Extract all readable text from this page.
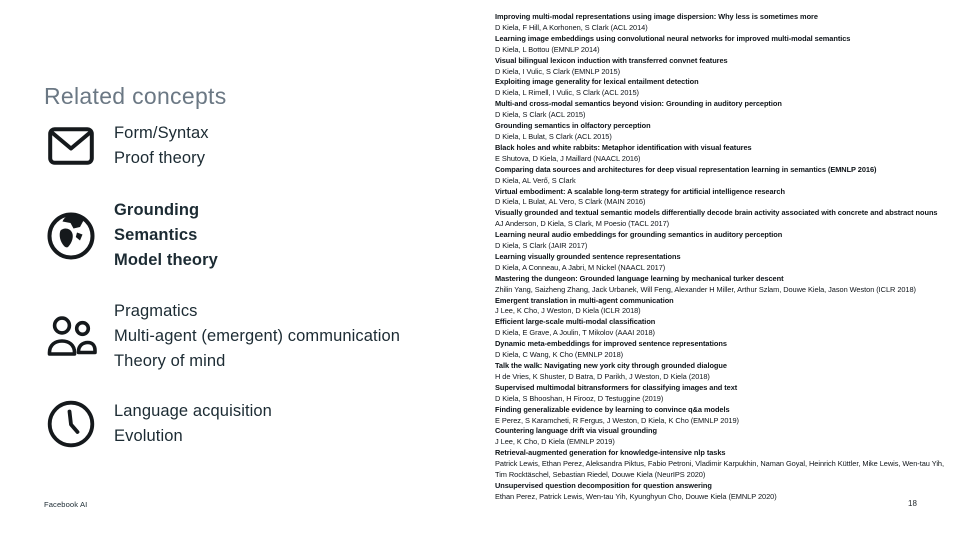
Related concepts
Form/Syntax
Proof theory
Grounding
Semantics
Model theory
Pragmatics
Multi-agent (emergent) communication
Theory of mind
Language acquisition
Evolution
Improving multi-modal representations using image dispersion: Why less is sometimes more
D Kiela, F Hill, A Korhonen, S Clark (ACL 2014)
Learning image embeddings using convolutional neural networks for improved multi-modal semantics
D Kiela, L Bottou (EMNLP 2014)
Visual bilingual lexicon induction with transferred convnet features
D Kiela, I Vulic, S Clark (EMNLP 2015)
Exploiting image generality for lexical entailment detection
D Kiela, L Rimell, I Vulic, S Clark (ACL 2015)
Multi-and cross-modal semantics beyond vision: Grounding in auditory perception
D Kiela, S Clark (ACL 2015)
Grounding semantics in olfactory perception
D Kiela, L Bulat, S Clark (ACL 2015)
Black holes and white rabbits: Metaphor identification with visual features
E Shutova, D Kiela, J Maillard (NAACL 2016)
Comparing data sources and architectures for deep visual representation learning in semantics (EMNLP 2016)
D Kiela, AL Verő, S Clark
Virtual embodiment: A scalable long-term strategy for artificial intelligence research
D Kiela, L Bulat, AL Vero, S Clark (MAIN 2016)
Visually grounded and textual semantic models differentially decode brain activity associated with concrete and abstract nouns
AJ Anderson, D Kiela, S Clark, M Poesio (TACL 2017)
Learning neural audio embeddings for grounding semantics in auditory perception
D Kiela, S Clark (JAIR 2017)
Learning visually grounded sentence representations
D Kiela, A Conneau, A Jabri, M Nickel (NAACL 2017)
Mastering the dungeon: Grounded language learning by mechanical turker descent
Zhilin Yang, Saizheng Zhang, Jack Urbanek, Will Feng, Alexander H Miller, Arthur Szlam, Douwe Kiela, Jason Weston (ICLR 2018)
Emergent translation in multi-agent communication
J Lee, K Cho, J Weston, D Kiela (ICLR 2018)
Efficient large-scale multi-modal classification
D Kiela, E Grave, A Joulin, T Mikolov (AAAI 2018)
Dynamic meta-embeddings for improved sentence representations
D Kiela, C Wang, K Cho (EMNLP 2018)
Talk the walk: Navigating new york city through grounded dialogue
H de Vries, K Shuster, D Batra, D Parikh, J Weston, D Kiela (2018)
Supervised multimodal bitransformers for classifying images and text
D Kiela, S Bhooshan, H Firooz, D Testuggine (2019)
Finding generalizable evidence by learning to convince q&a models
E Perez, S Karamcheti, R Fergus, J Weston, D Kiela, K Cho (EMNLP 2019)
Countering language drift via visual grounding
J Lee, K Cho, D Kiela (EMNLP 2019)
Retrieval-augmented generation for knowledge-intensive nlp tasks
Patrick Lewis, Ethan Perez, Aleksandra Piktus, Fabio Petroni, Vladimir Karpukhin, Naman Goyal, Heinrich Küttler, Mike Lewis, Wen-tau Yih, Tim Rocktäschel, Sebastian Riedel, Douwe Kiela (NeurIPS 2020)
Unsupervised question decomposition for question answering
Ethan Perez, Patrick Lewis, Wen-tau Yih, Kyunghyun Cho, Douwe Kiela (EMNLP 2020)
Facebook AI	18
